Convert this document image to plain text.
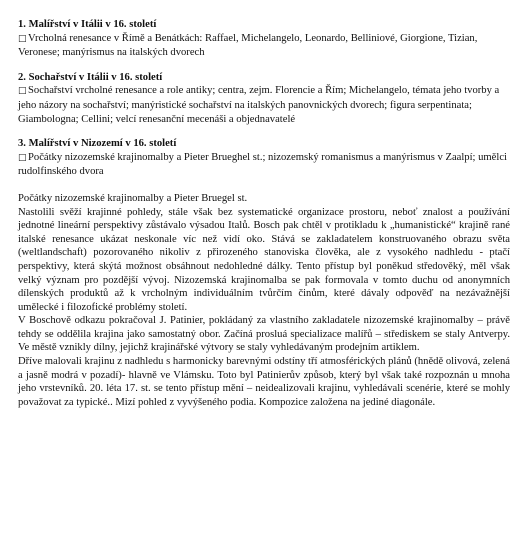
1. Malířství v Itálii v 16. století

□Vrcholná renesance v Římě a Benátkách: Raffael, Michelangelo, Leonardo, Belliniové, Giorgione, Tizian, Veronese; manýrismus na italských dvorech

2. Sochařství v Itálii v 16. století

□Sochařství vrcholné renesance a role antiky; centra, zejm. Florencie a Řím; Michelangelo, témata jeho tvorby a jeho názory na sochařství; manýristické sochařství na italských panovnických dvorech; figura serpentinata; Giambologna; Cellini; velcí renesanční mecenáši a objednavatelé

3. Malířství v Nizozemí v 16. století

□Počátky nizozemské krajinomalby a Pieter Brueghel st.; nizozemský romanismus a manýrismus v Zaalpí; umělci rudolfinského dvora

Počátky nizozemské krajinomalby a Pieter Bruegel st.

Nastolili svěží krajinné pohledy, stále však bez systematické organizace prostoru, neboť znalost a používání jednotné lineární perspektivy zůstávalo výsadou Italů. Bosch pak chtěl v protikladu k „humanistické“ krajině rané italské renesance ukázat neskonale víc než vidí oko. Stává se zakladatelem konstruovaného obrazu světa (weltlandschaft) pozorovaného nikoliv z přirozeného stanoviska člověka, ale z vysokého nadhledu - ptačí perspektivy, která skýtá možnost obsáhnout nedohledné dálky. Tento přístup byl poněkud středověký, měl však velký význam pro pozdější vývoj. Nizozemská krajinomalba se pak formovala v tomto duchu od anonymních dílenských produktů až k vrcholným individuálním tvůrčím činům, které dávaly odpověď na nezávažnější umělecké i filozofické problémy století.

V Boschově odkazu pokračoval J. Patinier, pokládaný za vlastního zakladatele nizozemské krajinomalby – právě tehdy se oddělila krajina jako samostatný obor. Začíná prosluá specializace malířů – střediskem se staly Antverpy. Ve městě vznikly dílny, jejichž krajinářské výtvory se staly vyhledávaným prodejním artiklem.

Dříve malovali krajinu z nadhledu s harmonicky barevnými odstíny tří atmosférických plánů (hnědě olivová, zelená a jasně modrá v pozadí)- hlavně ve Vlámsku. Toto byl Patinierův způsob, který byl však také rozpoznán u mnoha jeho vrstevníků. 20. léta 17. st. se tento přístup mění – neidealizovali krajinu, vyhledávali scenérie, které se mohly považovat za typické.. Mizí pohled z vyvýšeného podia. Kompozice založena na jediné diagonále.
